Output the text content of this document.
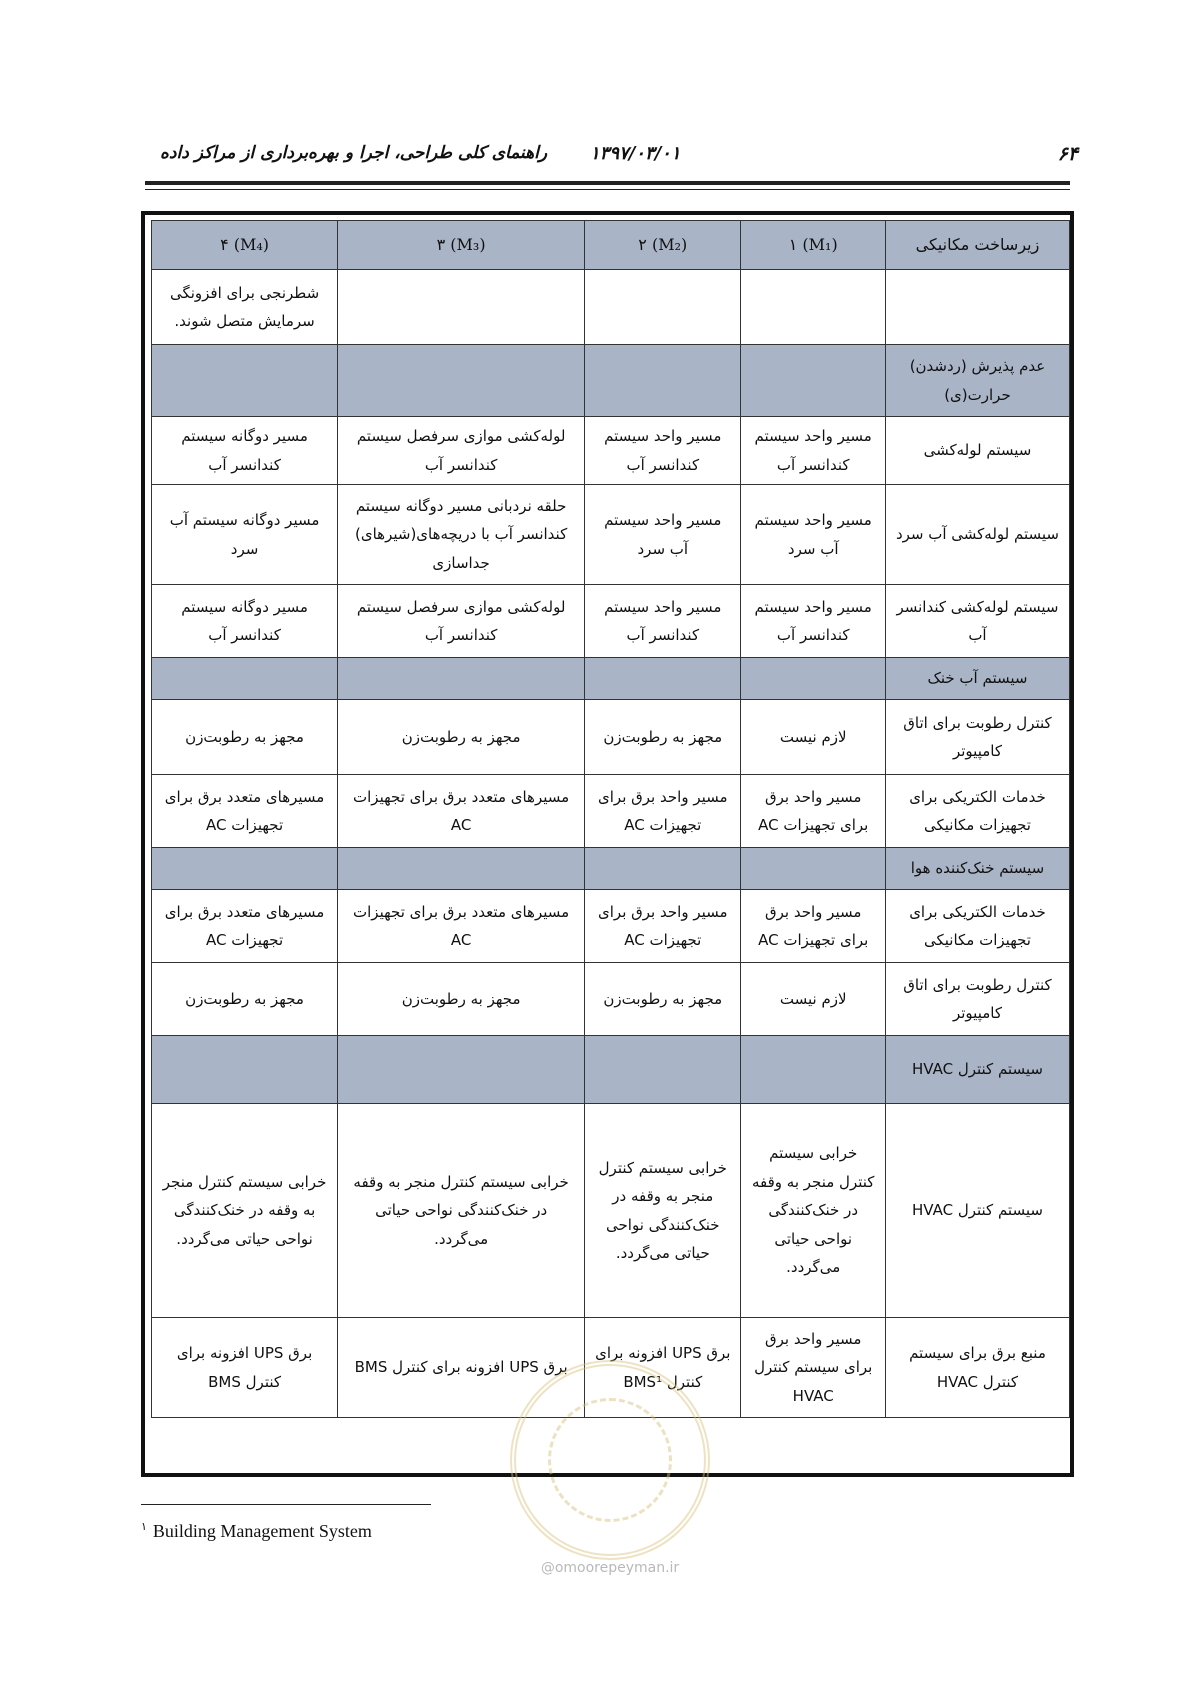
۶۴
۱۳۹۷/۰۳/۰۱
راهنمای کلی طراحی، اجرا و بهره‌برداری از مراکز داده
زیرساخت مکانیکی	(M₁) ۱	(M₂) ۲	(M₃) ۳	(M₄) ۴
				شطرنجی برای افزونگی سرمایش متصل شوند.
عدم پذیرش (ردشدن) حرارت(ی)				
سیستم لوله‌کشی	مسیر واحد سیستم کندانسر آب	مسیر واحد سیستم کندانسر آب	لوله‌کشی موازی سرفصل سیستم کندانسر آب	مسیر دوگانه سیستم کندانسر آب
سیستم لوله‌کشی آب سرد	مسیر واحد سیستم آب سرد	مسیر واحد سیستم آب سرد	حلقه نردبانی مسیر دوگانه سیستم کندانسر آب با دریچه‌های(شیرهای) جداسازی	مسیر دوگانه سیستم آب سرد
سیستم لوله‌کشی کندانسر آب	مسیر واحد سیستم کندانسر آب	مسیر واحد سیستم کندانسر آب	لوله‌کشی موازی سرفصل سیستم کندانسر آب	مسیر دوگانه سیستم کندانسر آب
سیستم آب خنک				
کنترل رطوبت برای اتاق کامپیوتر	لازم نیست	مجهز به رطوبت‌زن	مجهز به رطوبت‌زن	مجهز به رطوبت‌زن
خدمات الکتریکی برای تجهیزات مکانیکی	مسیر واحد برق برای تجهیزات AC	مسیر واحد برق برای تجهیزات AC	مسیرهای متعدد برق برای تجهیزات AC	مسیرهای متعدد برق برای تجهیزات AC
سیستم خنک‌کننده هوا				
خدمات الکتریکی برای تجهیزات مکانیکی	مسیر واحد برق برای تجهیزات AC	مسیر واحد برق برای تجهیزات AC	مسیرهای متعدد برق برای تجهیزات AC	مسیرهای متعدد برق برای تجهیزات AC
کنترل رطوبت برای اتاق کامپیوتر	لازم نیست	مجهز به رطوبت‌زن	مجهز به رطوبت‌زن	مجهز به رطوبت‌زن
سیستم کنترل HVAC				
سیستم کنترل HVAC	خرابی سیستم کنترل منجر به وقفه در خنک‌کنندگی نواحی حیاتی می‌گردد.	خرابی سیستم کنترل منجر به وقفه در خنک‌کنندگی نواحی حیاتی می‌گردد.	خرابی سیستم کنترل منجر به وقفه در خنک‌کنندگی نواحی حیاتی می‌گردد.	خرابی سیستم کنترل منجر به وقفه در خنک‌کنندگی نواحی حیاتی می‌گردد.
منبع برق برای سیستم کنترل HVAC	مسیر واحد برق برای سیستم کنترل HVAC	برق UPS افزونه برای کنترل BMS¹	برق UPS افزونه برای کنترل BMS	برق UPS افزونه برای کنترل BMS
$^۱$ Building Management System
@omoorepeyman.ir
